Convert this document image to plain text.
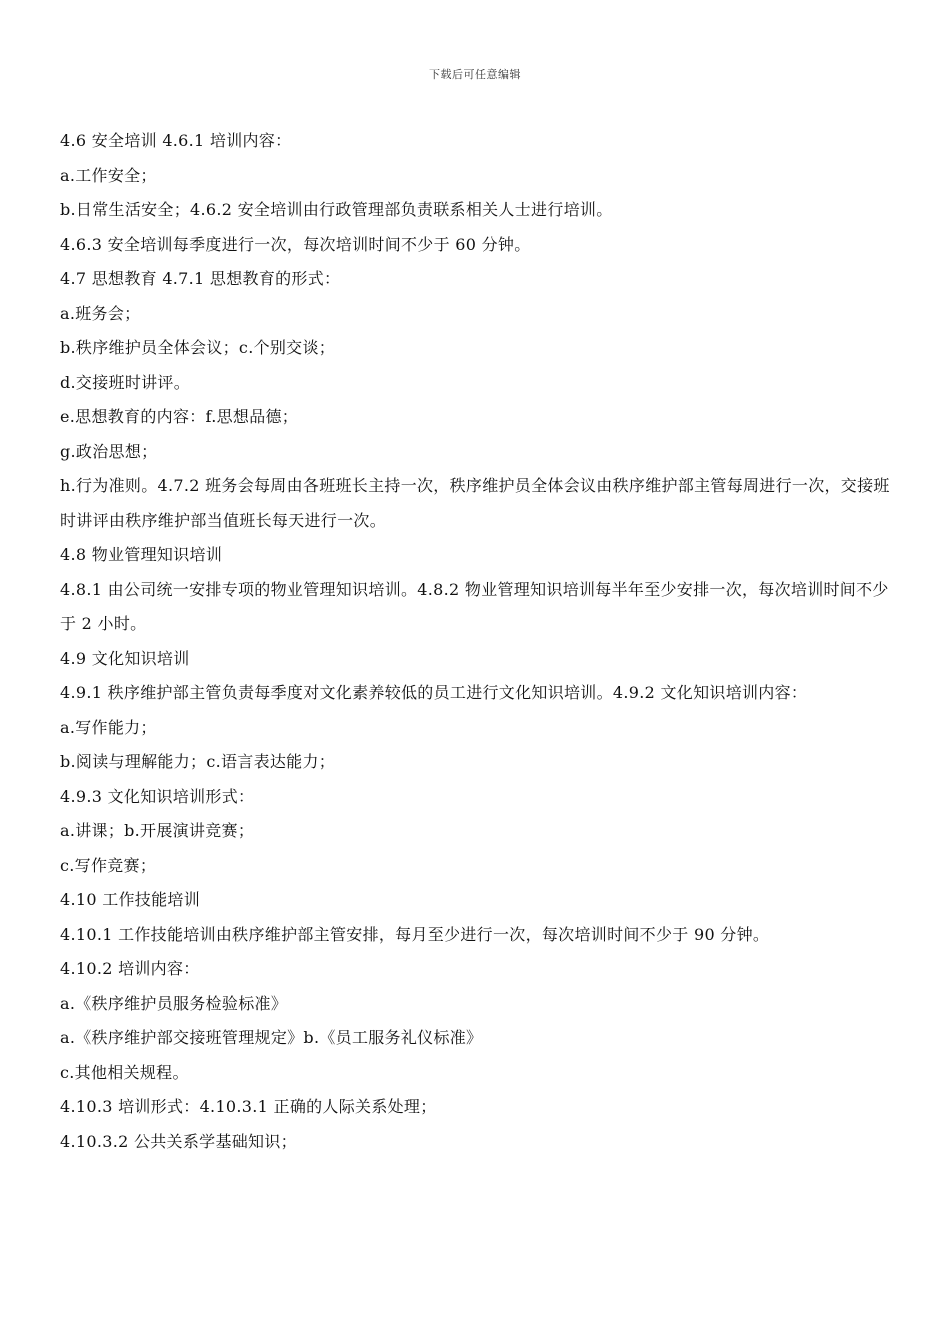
下载后可任意编辑

4.6 安全培训 4.6.1 培训内容：

a.工作安全；

b.日常生活安全；4.6.2 安全培训由行政管理部负责联系相关人士进行培训。

4.6.3 安全培训每季度进行一次，每次培训时间不少于 60 分钟。

4.7 思想教育 4.7.1 思想教育的形式：

a.班务会；

b.秩序维护员全体会议；c.个别交谈；

d.交接班时讲评。

e.思想教育的内容：f.思想品德；

g.政治思想；

h.行为准则。4.7.2 班务会每周由各班班长主持一次，秩序维护员全体会议由秩序维护部主管每周进行一次，交接班时讲评由秩序维护部当值班长每天进行一次。

4.8 物业管理知识培训

4.8.1 由公司统一安排专项的物业管理知识培训。4.8.2 物业管理知识培训每半年至少安排一次，每次培训时间不少于 2 小时。

4.9 文化知识培训

4.9.1 秩序维护部主管负责每季度对文化素养较低的员工进行文化知识培训。4.9.2 文化知识培训内容：

a.写作能力；

b.阅读与理解能力；c.语言表达能力；

4.9.3 文化知识培训形式：

a.讲课；b.开展演讲竞赛；

c.写作竞赛；

4.10 工作技能培训

4.10.1 工作技能培训由秩序维护部主管安排，每月至少进行一次，每次培训时间不少于 90 分钟。

4.10.2 培训内容：

a.《秩序维护员服务检验标准》

a.《秩序维护部交接班管理规定》b.《员工服务礼仪标准》

c.其他相关规程。

4.10.3 培训形式：4.10.3.1 正确的人际关系处理；

4.10.3.2 公共关系学基础知识；
